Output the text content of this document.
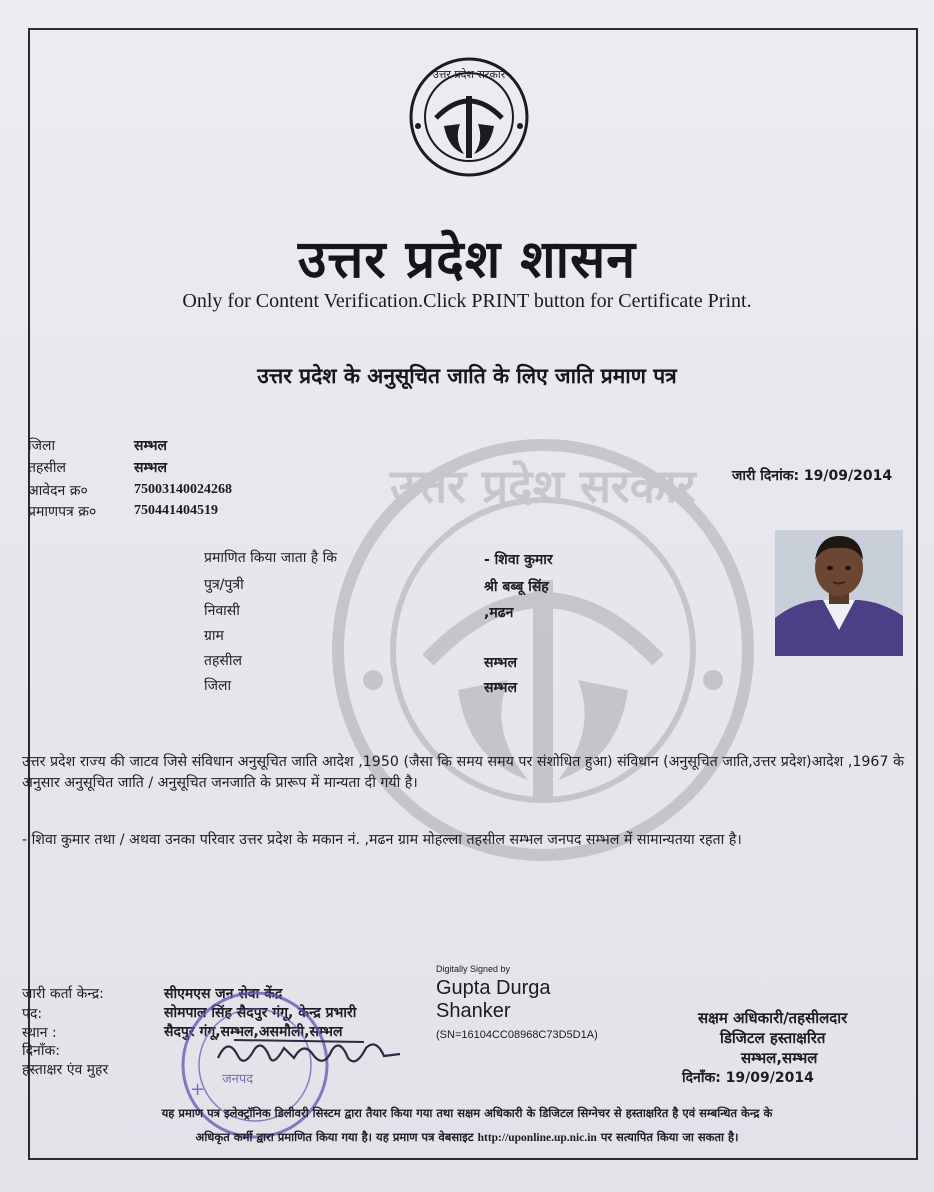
उत्तर प्रदेश सरकार
उत्तर प्रदेश सरकार
उत्तर प्रदेश शासन
Only for Content Verification.Click PRINT button for Certificate Print.
उत्तर प्रदेश के अनुसूचित जाति के लिए जाति प्रमाण पत्र
जिला	सम्भल
तहसील	सम्भल
आवेदन क्र०	75003140024268
प्रमाणपत्र क्र०	750441404519
जारी दिनांक: 19/09/2014
प्रमाणित किया जाता है कि	- शिवा कुमार
पुत्र/पुत्री	श्री बब्बू सिंह
निवासी	,मढन
ग्राम
तहसील	सम्भल
जिला	सम्भल
उत्तर प्रदेश राज्य की जाटव जिसे संविधान अनुसूचित जाति आदेश ,1950 (जैसा कि समय समय पर संशोधित हुआ) संविधान (अनुसूचित जाति,उत्तर प्रदेश)आदेश ,1967 के अनुसार अनुसूचित जाति / अनुसूचित जनजाति के प्रारूप में मान्यता दी गयी है।
- शिवा कुमार तथा / अथवा उनका परिवार उत्तर प्रदेश के मकान नं. ,मढन ग्राम मोहल्ला तहसील सम्भल जनपद सम्भल में सामान्यतया रहता है।
जारी कर्ता केन्द्र:	सीएमएस जन सेवा केंद्र
पद:	सोमपाल सिंह सैदपुर गंगू, केन्द्र प्रभारी
स्थान :	सैदपुर गंगू,सम्भल,असमौली,सम्भल
दिनाँक:
हस्ताक्षर एंव मुहर
+ जनपद
Digitally Signed by
Gupta Durga
Shanker
(SN=16104CC08968C73D5D1A)
सक्षम अधिकारी/तहसीलदार
डिजिटल हस्ताक्षरित
सम्भल,सम्भल
दिनाँक: 19/09/2014
यह प्रमाण पत्र इलेक्ट्रॉनिक डिलीवरी सिस्टम द्वारा तैयार किया गया तथा सक्षम अधिकारी के डिजिटल सिग्नेचर से हस्ताक्षरित है एवं सम्बन्धित केन्द्र के
अधिकृत कर्मी द्वारा प्रमाणित किया गया है। यह प्रमाण पत्र वेबसाइट http://uponline.up.nic.in पर सत्यापित किया जा सकता है।
